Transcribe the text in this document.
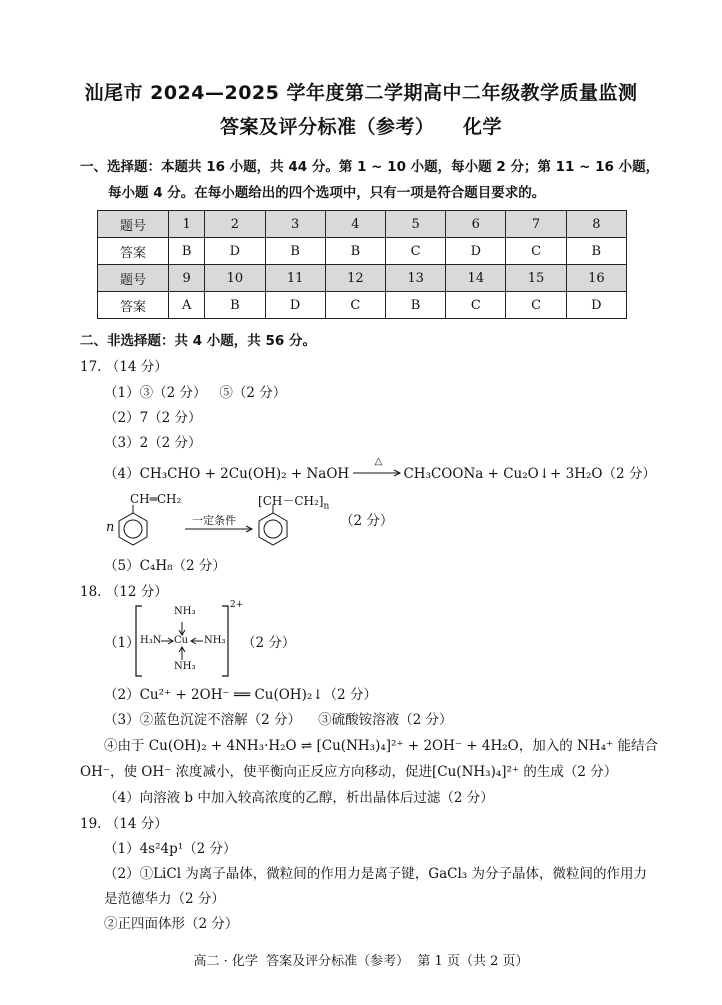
汕尾市 2024—2025 学年度第二学期高中二年级教学质量监测
答案及评分标准（参考）    化学
一、选择题：本题共 16 小题，共 44 分。第 1 ~ 10 小题，每小题 2 分；第 11 ~ 16 小题，
每小题 4 分。在每小题给出的四个选项中，只有一项是符合题目要求的。
题号	1	2	3	4	5	6	7	8
答案	B	D	B	B	C	D	C	B
题号	9	10	11	12	13	14	15	16
答案	A	B	D	C	B	C	C	D
二、非选择题：共 4 小题，共 56 分。
17. （14 分）
（1）③（2 分）   ⑤（2 分）
（2）7（2 分）
（3）2（2 分）
（4）CH₃CHO + 2Cu(OH)₂ + NaOH
△
CH₃COONa + Cu₂O↓+ 3H₂O（2 分）
CH═CH₂
n	一定条件
$[CH-CH_2]_n$
（2 分）
（5）C₄H₈（2 分）
18. （12 分）
（1）
NH₃
H₃N Cu NH₃
NH₃
2+
（2 分）
（2）Cu²⁺ + 2OH⁻ ══ Cu(OH)₂↓（2 分）
（3）②蓝色沉淀不溶解（2 分）    ③硫酸铵溶液（2 分）
④由于 Cu(OH)₂ + 4NH₃·H₂O ⇌ [Cu(NH₃)₄]²⁺ + 2OH⁻ + 4H₂O，加入的 NH₄⁺ 能结合
OH⁻，使 OH⁻ 浓度减小，使平衡向正反应方向移动，促进[Cu(NH₃)₄]²⁺ 的生成（2 分）
（4）向溶液 b 中加入较高浓度的乙醇，析出晶体后过滤（2 分）
19. （14 分）
（1）4s²4p¹（2 分）
（2）①LiCl 为离子晶体，微粒间的作用力是离子键，GaCl₃ 为分子晶体，微粒间的作用力
是范德华力（2 分）
②正四面体形（2 分）
高二 · 化学  答案及评分标准（参考）  第 1 页（共 2 页）
